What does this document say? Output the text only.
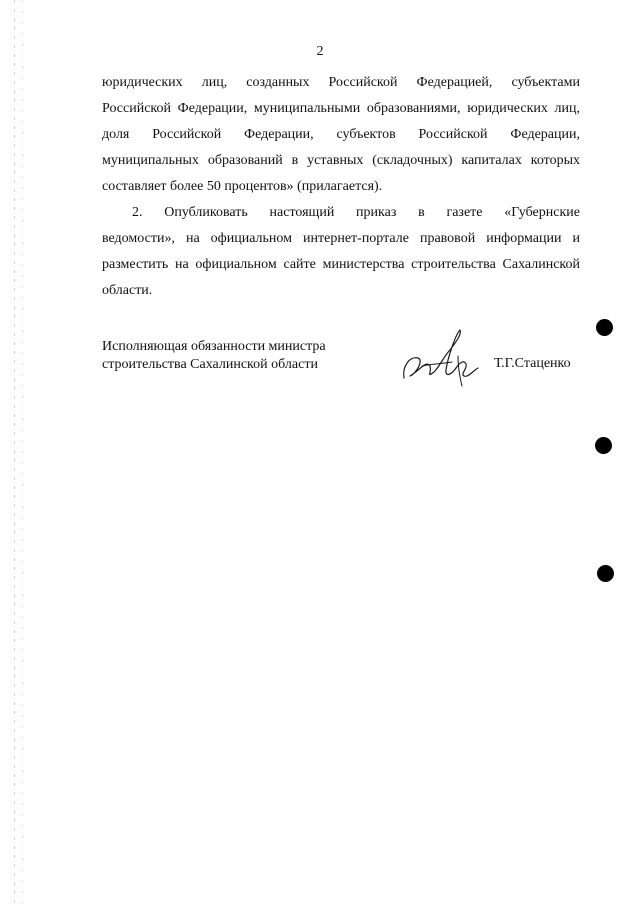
2
юридических лиц, созданных Российской Федерацией, субъектами
Российской Федерации, муниципальными образованиями, юридических лиц,
доля Российской Федерации, субъектов Российской Федерации,
муниципальных образований в уставных (складочных) капиталах которых
составляет более 50 процентов» (прилагается).
2. Опубликовать настоящий приказ в газете «Губернские
ведомости», на официальном интернет-портале правовой информации и
разместить на официальном сайте министерства строительства Сахалинской
области.
Исполняющая обязанности министра
строительства Сахалинской области	Т.Г.Стаценко
